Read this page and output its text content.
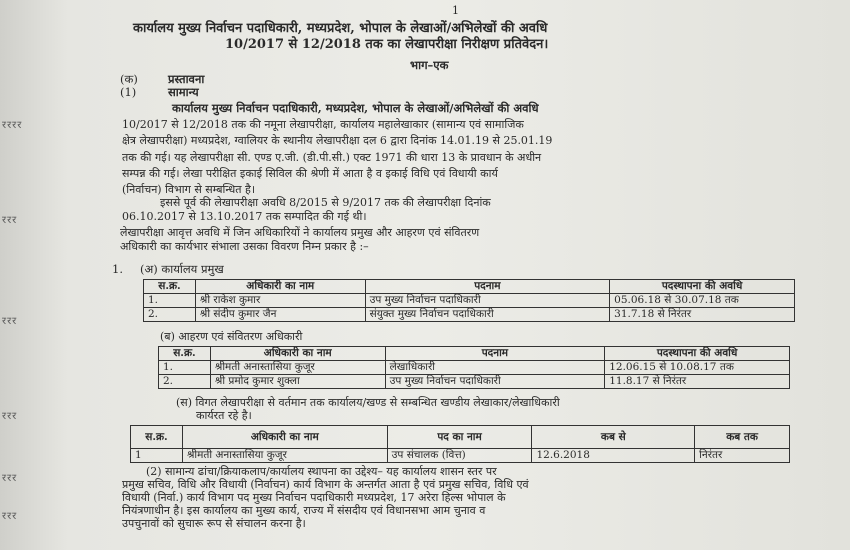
रररर
ररर
ररर
ररर
ररर
ररर
1
कार्यालय मुख्य निर्वाचन पदाधिकारी, मध्यप्रदेश, भोपाल के लेखाओं/अभिलेखों की अवधि
10/2017 से 12/2018 तक का लेखापरीक्षा निरीक्षण प्रतिवेदन।
भाग–एक
(क)	प्रस्तावना
(1)	सामान्य
कार्यालय मुख्य निर्वाचन पदाधिकारी, मध्यप्रदेश, भोपाल के लेखाओं/अभिलेखों की अवधि
10/2017 से 12/2018 तक की नमूना लेखापरीक्षा, कार्यालय महालेखाकार (सामान्य एवं सामाजिक
क्षेत्र लेखापरीक्षा) मध्यप्रदेश, ग्वालियर के स्थानीय लेखापरीक्षा दल 6 द्वारा दिनांक 14.01.19 से 25.01.19
तक की गई। यह लेखापरीक्षा सी. एण्ड ए.जी. (डी.पी.सी.) एक्ट 1971 की धारा 13 के प्रावधान के अधीन
सम्पन्न की गई। लेखा परीक्षित इकाई सिविल की श्रेणी में आता है व इकाई विधि एवं विधायी कार्य
(निर्वाचन) विभाग से सम्बन्धित है।
इससे पूर्व की लेखापरीक्षा अवधि 8/2015 से 9/2017 तक की लेखापरीक्षा दिनांक
06.10.2017 से 13.10.2017 तक सम्पादित की गई थी।
लेखापरीक्षा आवृत्त अवधि में जिन अधिकारियों ने कार्यालय प्रमुख और आहरण एवं संवितरण
अधिकारी का कार्यभार संभाला उसका विवरण निम्न प्रकार है :–
1. (अ) कार्यालय प्रमुख
स.क्र.	अधिकारी का नाम	पदनाम	पदस्थापना की अवधि
1.	श्री राकेश कुमार	उप मुख्य निर्वाचन पदाधिकारी	05.06.18 से 30.07.18 तक
2.	श्री संदीप कुमार जैन	संयुक्त मुख्य निर्वाचन पदाधिकारी	31.7.18 से निरंतर
(ब) आहरण एवं संवितरण अधिकारी
स.क्र.	अधिकारी का नाम	पदनाम	पदस्थापना की अवधि
1.	श्रीमती अनास्तासिया कुजूर	लेखाधिकारी	12.06.15 से 10.08.17 तक
2.	श्री प्रमोद कुमार शुक्ला	उप मुख्य निर्वाचन पदाधिकारी	11.8.17 से निरंतर
(स) विगत लेखापरीक्षा से वर्तमान तक कार्यालय/खण्ड से सम्बन्धित खण्डीय लेखाकार/लेखाधिकारी
कार्यरत रहे है।
स.क्र.	अधिकारी का नाम	पद का नाम	कब से	कब तक
1	श्रीमती अनास्तासिया कुजूर	उप संचालक (वित्त)	12.6.2018	निरंतर
(2) सामान्य ढांचा/क्रियाकलाप/कार्यालय स्थापना का उद्देश्य– यह कार्यालय शासन स्तर पर
प्रमुख सचिव, विधि और विधायी (निर्वाचन) कार्य विभाग के अन्तर्गत आता है एवं प्रमुख सचिव, विधि एवं
विधायी (निर्वा.) कार्य विभाग पद मुख्य निर्वाचन पदाधिकारी मध्यप्रदेश, 17 अरेरा हिल्स भोपाल के
नियंत्रणाधीन है। इस कार्यालय का मुख्य कार्य, राज्य में संसदीय एवं विधानसभा आम चुनाव व
उपचुनावों को सुचारू रूप से संचालन करना है।
